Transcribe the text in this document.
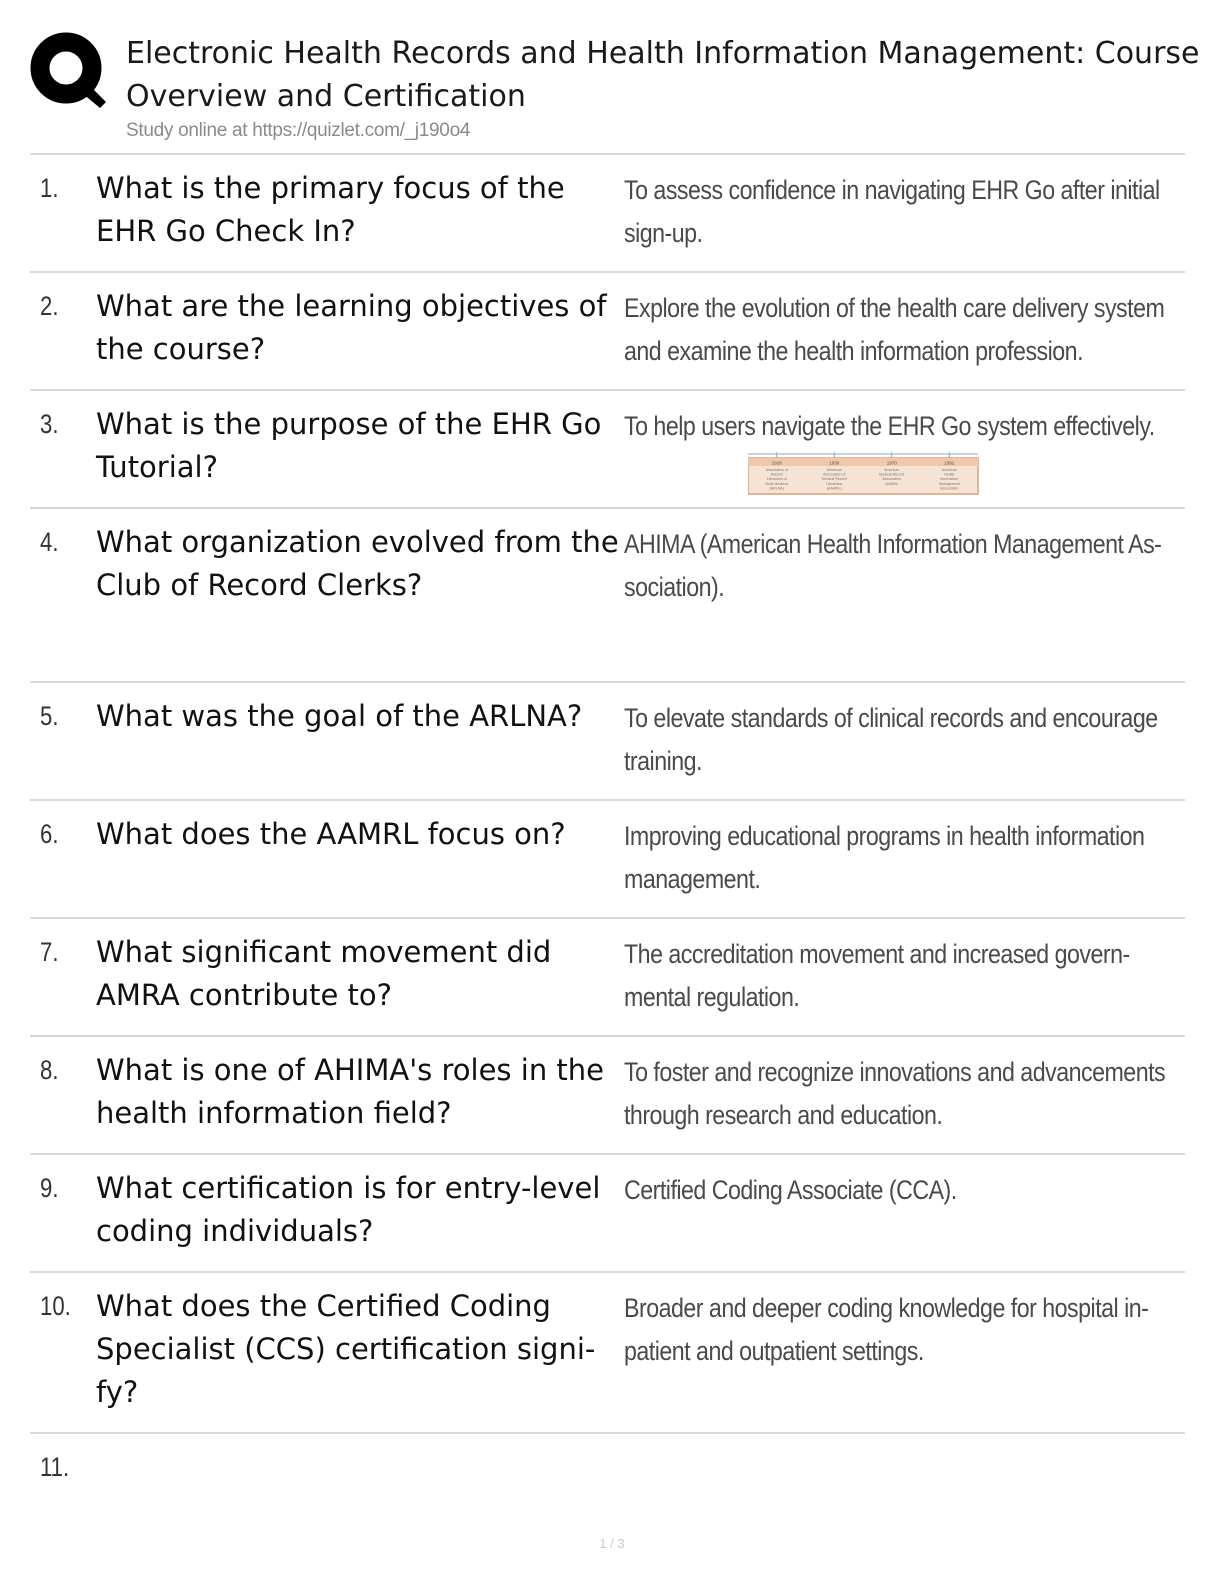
Electronic Health Records and Health Information Management: Course Overview and Certification
Study online at https://quizlet.com/_j190o4
1. What is the primary focus of the EHR Go Check In?
To assess confidence in navigating EHR Go after initial
sign-up.
2. What are the learning objectives of the course?
Explore the evolution of the health care delivery system
and examine the health information profession.
3. What is the purpose of the EHR Go Tutorial?
To help users navigate the EHR Go system effectively.
4. What organization evolved from the Club of Record Clerks?
AHIMA (American Health Information Management As-
sociation).
5. What was the goal of the ARLNA?	To elevate standards of clinical records and encourage
training.
6. What does the AAMRL focus on?	Improving educational programs in health information
management.
7. What significant movement did AMRA contribute to?
The accreditation movement and increased govern-
mental regulation.
8. What is one of AHIMA's roles in the health information field?
To foster and recognize innovations and advancements
through research and education.
9. What certification is for entry-level coding individuals?
Certified Coding Associate (CCA).
10. What does the Certified Coding Specialist (CCS) certification signi- fy?
Broader and deeper coding knowledge for hospital in-
patient and outpatient settings.
11.
1928
Association of
Record
Librarians of
North America
(ARLNA)
1938
American
Association of
Medical Record
Librarians
(AAMRL)
1970
American
Medical Record
Association
(AMRA)
1991
American
Health
Information
Management
Association
1 / 3
